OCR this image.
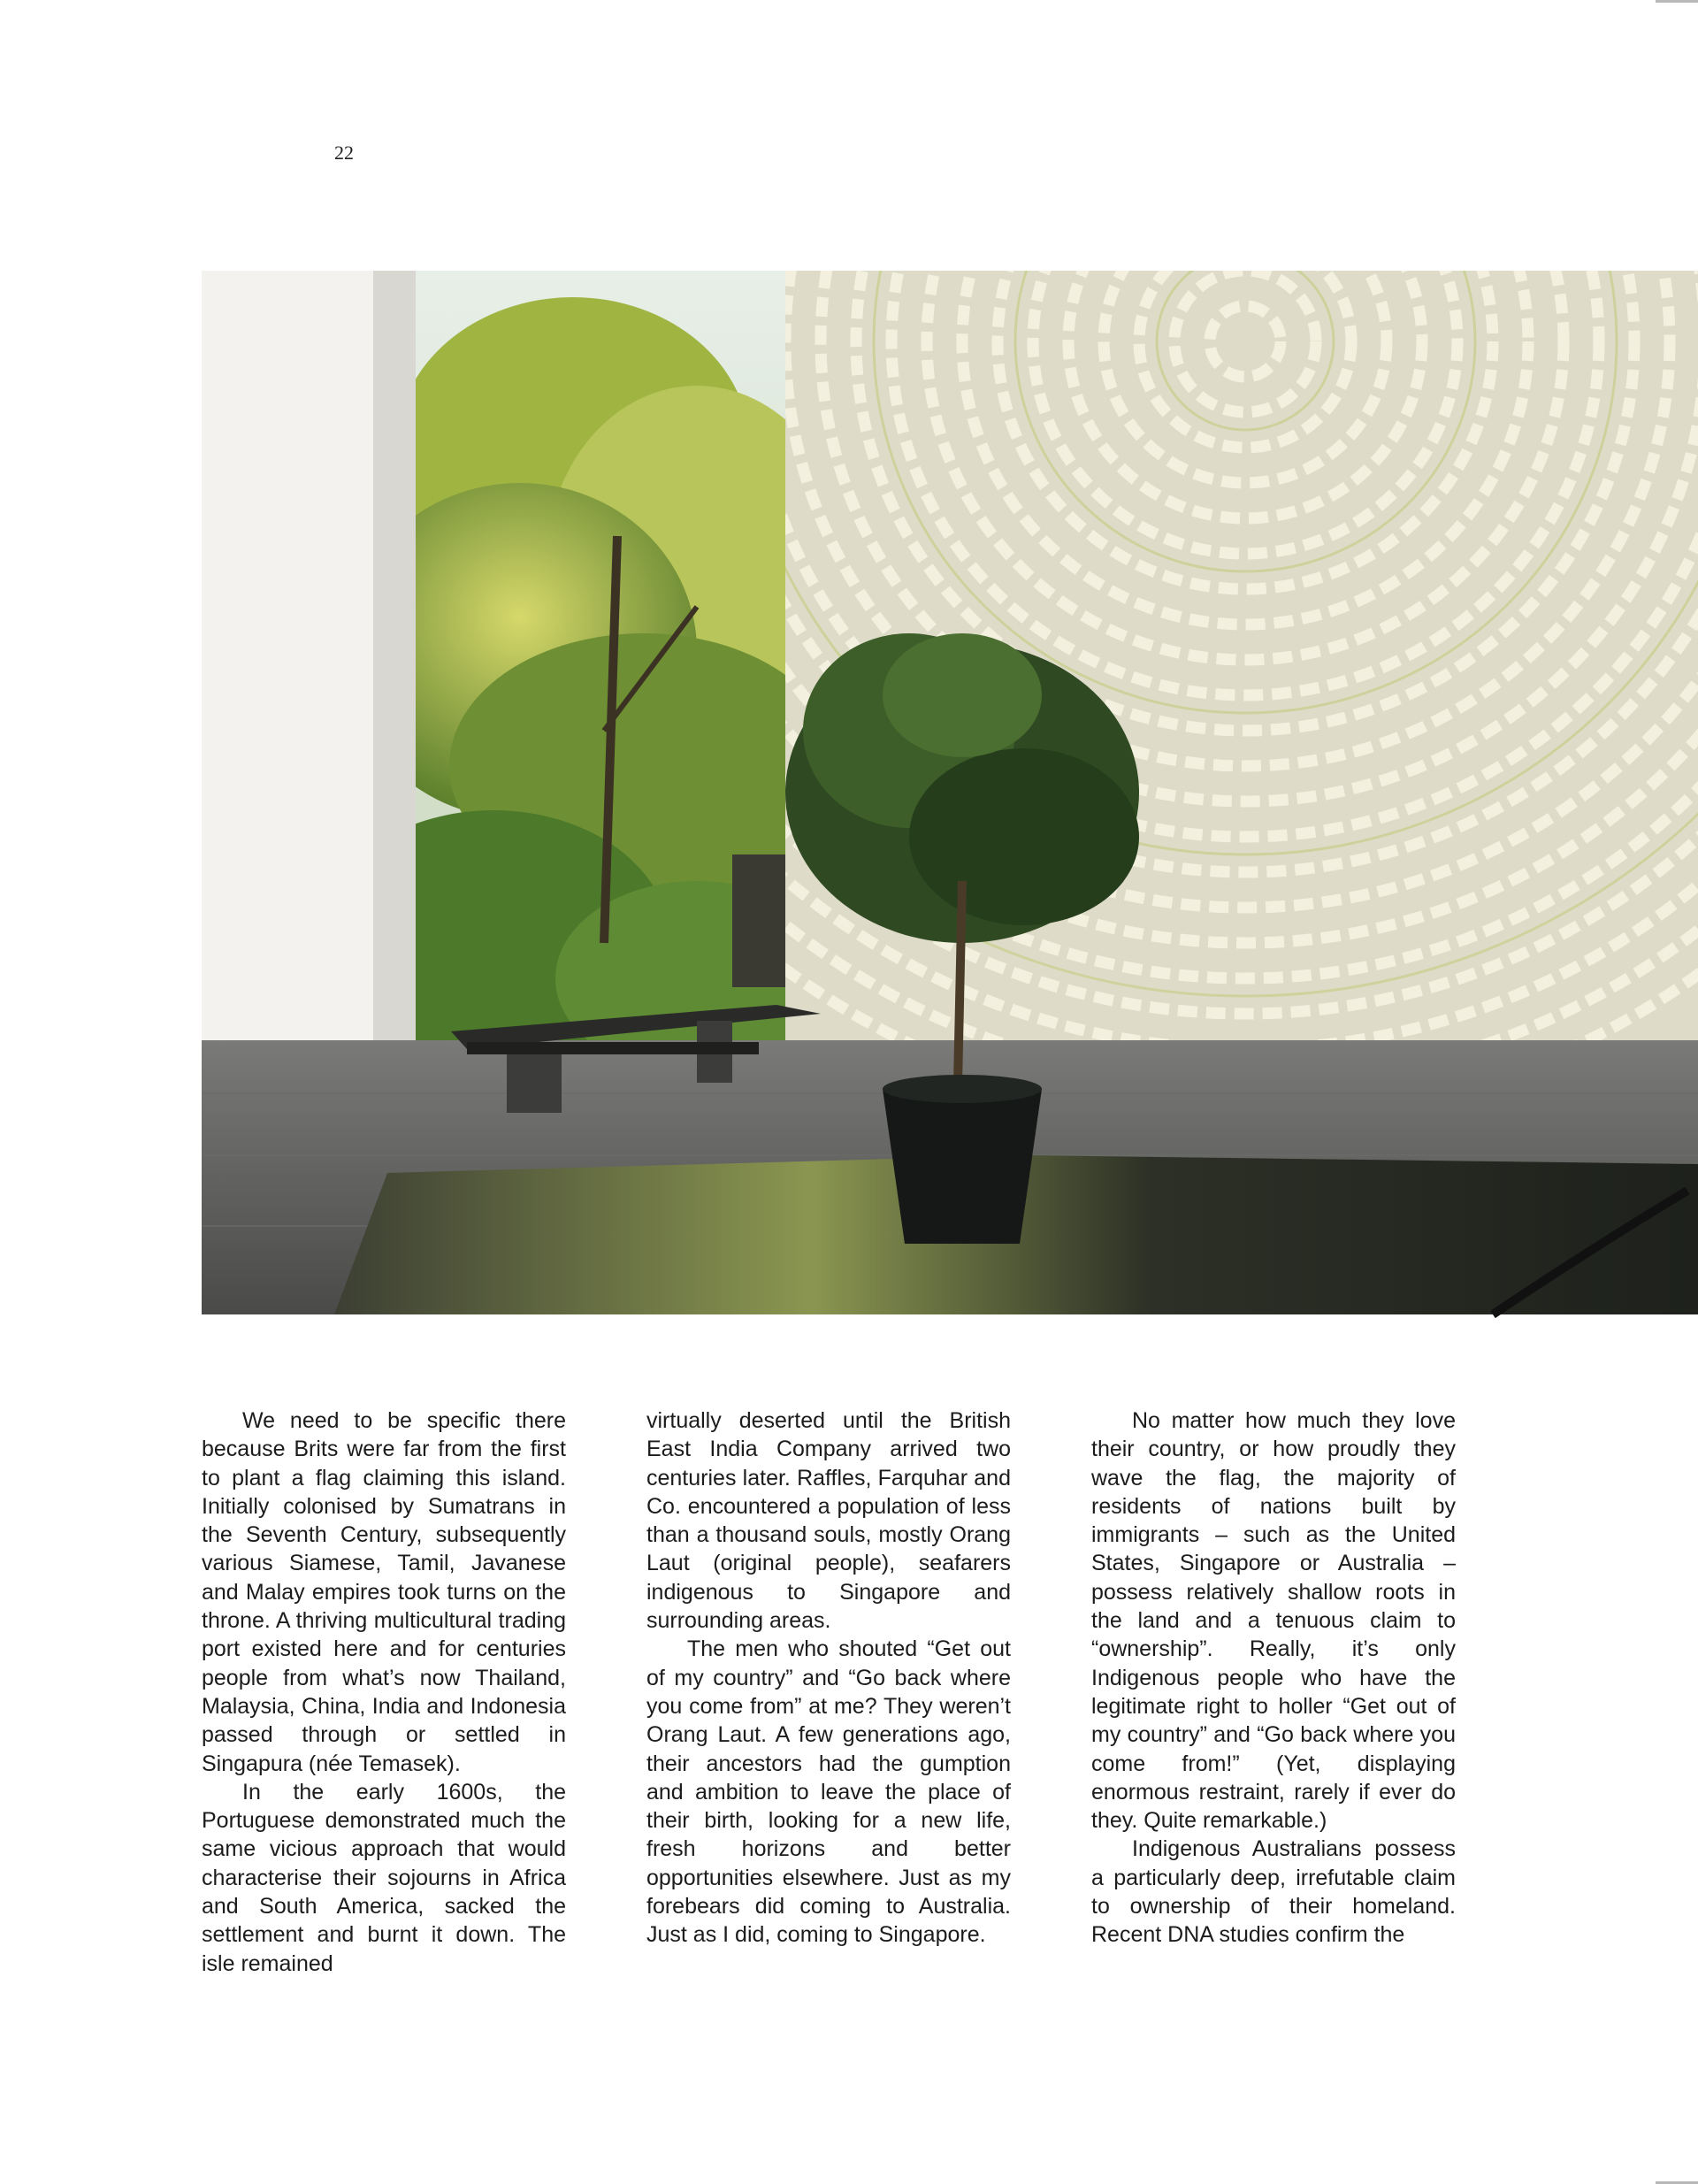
22

We need to be specific there because Brits were far from the first to plant a flag claiming this island. Initially colonised by Sumatrans in the Seventh Century, subsequently various Siamese, Tamil, Javanese and Malay empires took turns on the throne. A thriving multicultural trading port existed here and for centuries people from what’s now Thailand, Malaysia, China, India and Indonesia passed through or settled in Singapura (née Temasek).

In the early 1600s, the Portuguese demonstrated much the same vicious approach that would characterise their sojourns in Africa and South America, sacked the settlement and burnt it down. The isle remained

virtually deserted until the British East India Company arrived two centuries later. Raffles, Farquhar and Co. encountered a population of less than a thousand souls, mostly Orang Laut (original people), seafarers indigenous to Singapore and surrounding areas.

The men who shouted “Get out of my country” and “Go back where you come from” at me? They weren’t Orang Laut. A few generations ago, their ancestors had the gumption and ambition to leave the place of their birth, looking for a new life, fresh horizons and better opportunities elsewhere. Just as my forebears did coming to Australia. Just as I did, coming to Singapore.

No matter how much they love their country, or how proudly they wave the flag, the majority of residents of nations built by immigrants – such as the United States, Singapore or Australia – possess relatively shallow roots in the land and a tenuous claim to “ownership”. Really, it’s only Indigenous people who have the legitimate right to holler “Get out of my country” and “Go back where you come from!” (Yet, displaying enormous restraint, rarely if ever do they. Quite remarkable.)

Indigenous Australians possess a particularly deep, irrefutable claim to ownership of their homeland. Recent DNA studies confirm the
